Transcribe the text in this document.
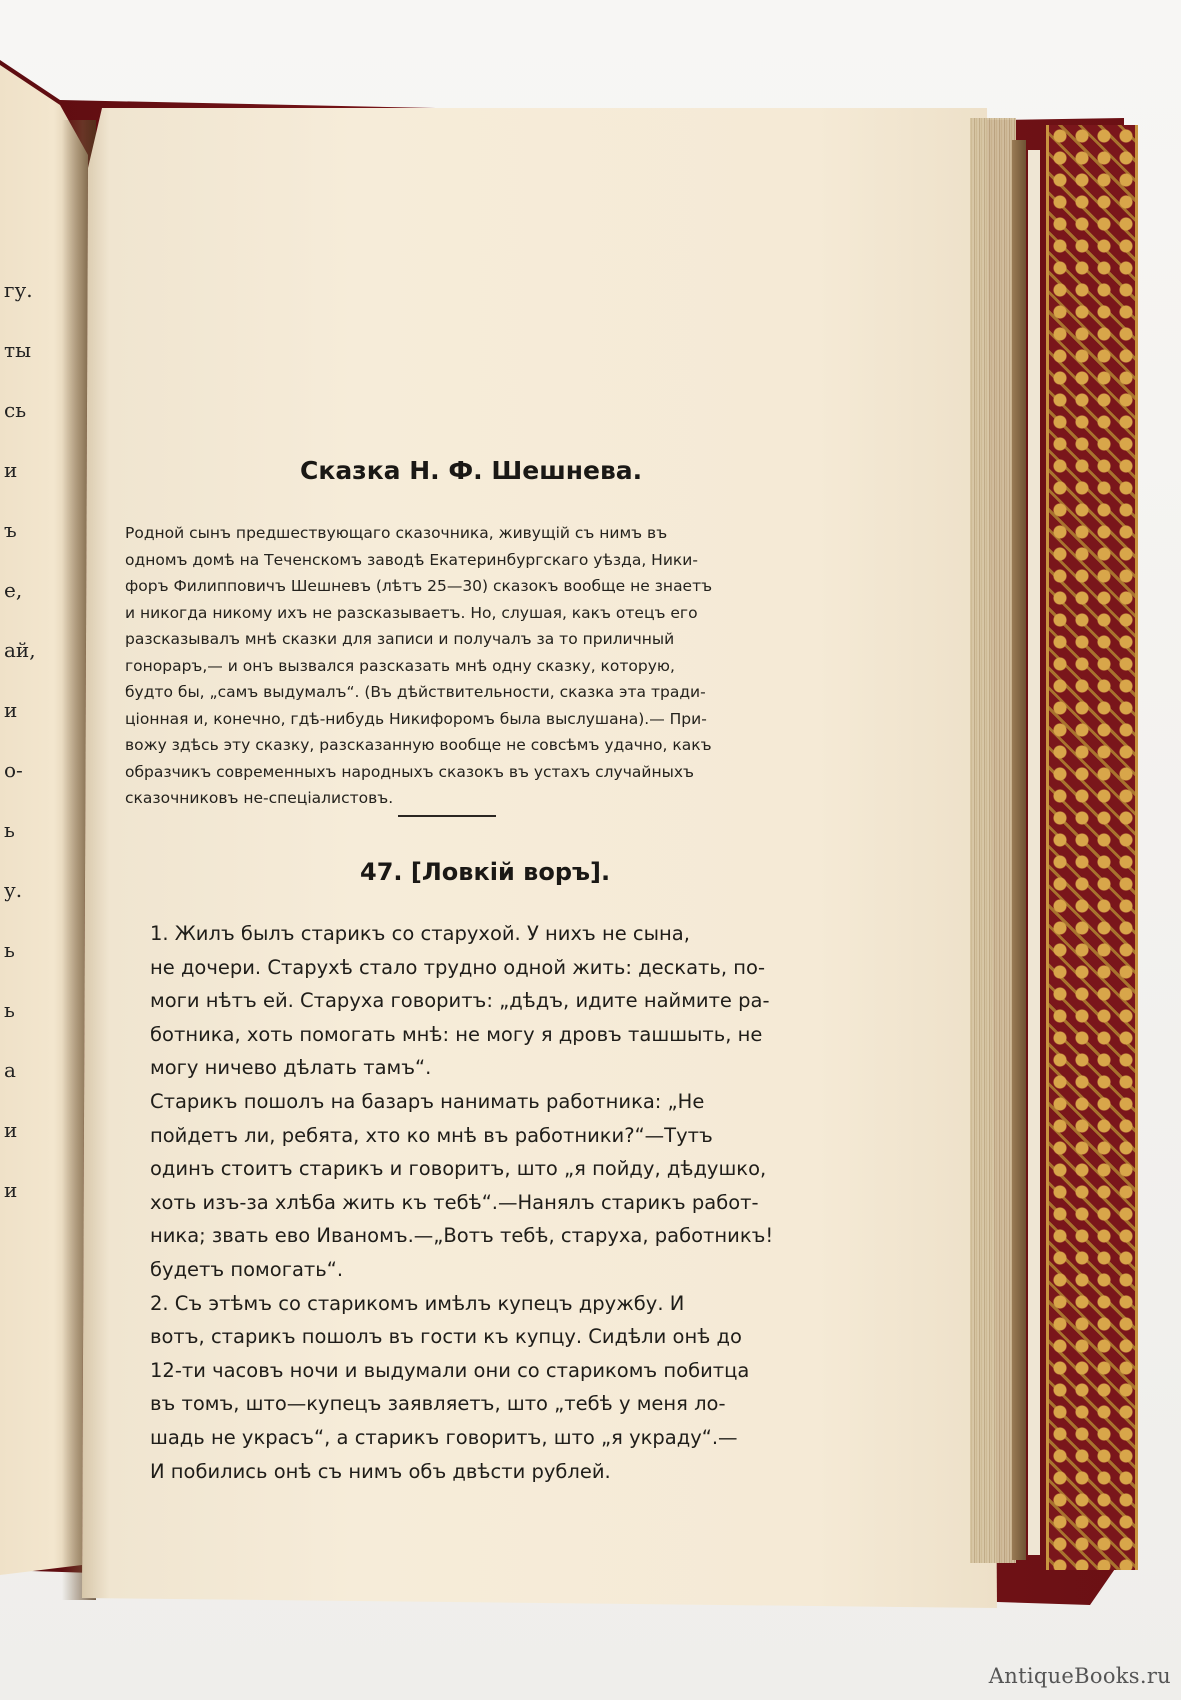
гу.
ты
сь
и
ъ
е,
ай,
и
о-
ь
у.
ь
ь
а
и
и
Сказка Н. Ф. Шешнева.
Родной сынъ предшествующаго сказочника, живущій съ нимъ въ
одномъ домѣ на Теченскомъ заводѣ Екатеринбургскаго уѣзда, Ники-
форъ Филипповичъ Шешневъ (лѣтъ 25—30) сказокъ вообще не знаетъ
и никогда никому ихъ не разсказываетъ. Но, слушая, какъ отецъ его
разсказывалъ мнѣ сказки для записи и получалъ за то приличный
гонораръ,— и онъ вызвался разсказать мнѣ одну сказку, которую,
будто бы, „самъ выдумалъ“. (Въ дѣйствительности, сказка эта тради-
ціонная и, конечно, гдѣ-нибудь Никифоромъ была выслушана).— При-
вожу здѣсь эту сказку, разсказанную вообще не совсѣмъ удачно, какъ
образчикъ современныхъ народныхъ сказокъ въ устахъ случайныхъ
сказочниковъ не-спеціалистовъ.
47. [Ловкій воръ].
1. Жилъ былъ старикъ со старухой. У нихъ не сына,
не дочери. Старухѣ стало трудно одной жить: дескать, по-
моги нѣтъ ей. Старуха говоритъ: „дѣдъ, идите наймите ра-
ботника, хоть помогать мнѣ: не могу я дровъ ташшыть, не
могу ничево дѣлать тамъ“.
Старикъ пошолъ на базаръ нанимать работника: „Не
пойдетъ ли, ребята, хто ко мнѣ въ работники?“—Тутъ
одинъ стоитъ старикъ и говоритъ, што „я пойду, дѣдушко,
хоть изъ-за хлѣба жить къ тебѣ“.—Нанялъ старикъ работ-
ника; звать ево Иваномъ.—„Вотъ тебѣ, старуха, работникъ!
будетъ помогать“.
2. Съ этѣмъ со старикомъ имѣлъ купецъ дружбу. И
вотъ, старикъ пошолъ въ гости къ купцу. Сидѣли онѣ до
12-ти часовъ ночи и выдумали они со старикомъ побитца
въ томъ, што—купецъ заявляетъ, што „тебѣ у меня ло-
шадь не украсъ“, а старикъ говоритъ, што „я украду“.—
И побились онѣ съ нимъ объ двѣсти рублей.
AntiqueBooks.ru
